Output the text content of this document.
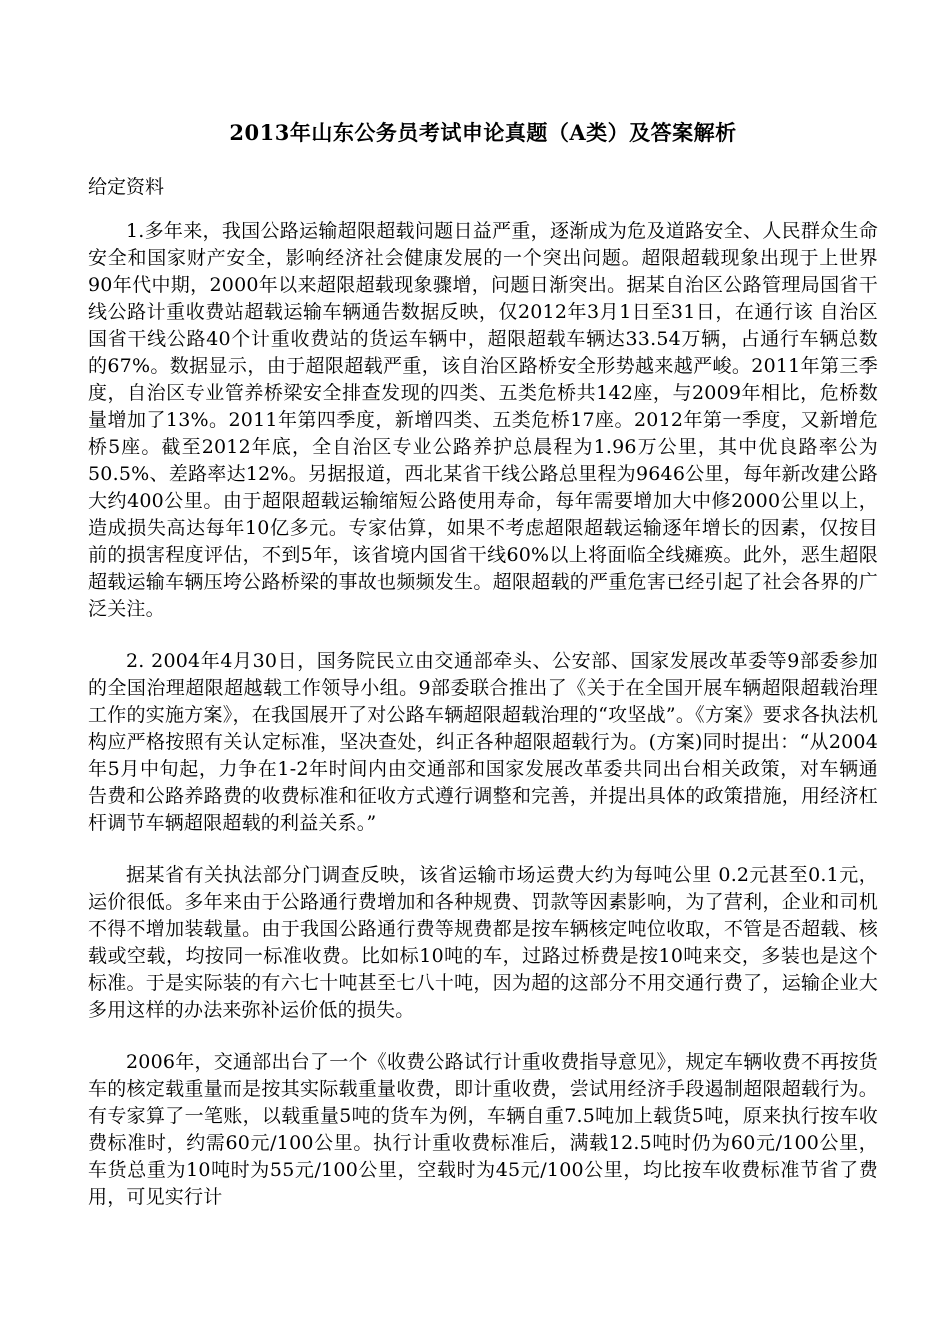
2013年山东公务员考试申论真题（A类）及答案解析
给定资料

1.多年来，我国公路运输超限超载问题日益严重，逐渐成为危及道路安全、人民群众生命安全和国家财产安全，影响经济社会健康发展的一个突出问题。超限超载现象出现于上世界90年代中期，2000年以来超限超载现象骤增，问题日渐突出。据某自治区公路管理局国省干线公路计重收费站超载运输车辆通告数据反映，仅2012年3月1日至31日，在通行该 自治区国省干线公路40个计重收费站的货运车辆中，超限超载车辆达33.54万辆，占通行车辆总数的67%。数据显示，由于超限超载严重，该自治区路桥安全形势越来越严峻。2011年第三季度，自治区专业管养桥梁安全排查发现的四类、五类危桥共142座，与2009年相比，危桥数量增加了13%。2011年第四季度，新增四类、五类危桥17座。2012年第一季度，又新增危桥5座。截至2012年底，全自治区专业公路养护总晨程为1.96万公里，其中优良路率公为50.5%、差路率达12%。另据报道，西北某省干线公路总里程为9646公里，每年新改建公路大约400公里。由于超限超载运输缩短公路使用寿命，每年需要增加大中修2000公里以上，造成损失高达每年10亿多元。专家估算，如果不考虑超限超载运输逐年增长的因素，仅按目前的损害程度评估，不到5年，该省境内国省干线60%以上将面临全线瘫痪。此外，恶生超限超载运输车辆压垮公路桥梁的事故也频频发生。超限超载的严重危害已经引起了社会各界的广泛关注。

2. 2004年4月30日，国务院民立由交通部牵头、公安部、国家发展改革委等9部委参加的全国治理超限超越载工作领导小组。9部委联合推出了《关于在全国开展车辆超限超载治理工作的实施方案》，在我国展开了对公路车辆超限超载治理的“攻坚战”。《方案》要求各执法机构应严格按照有关认定标准，坚决查处，纠正各种超限超载行为。(方案)同时提出：“从2004年5月中旬起，力争在1-2年时间内由交通部和国家发展改革委共同出台相关政策，对车辆通告费和公路养路费的收费标准和征收方式遵行调整和完善，并提出具体的政策措施，用经济杠杆调节车辆超限超载的利益关系。”

据某省有关执法部分门调查反映，该省运输市场运费大约为每吨公里 0.2元甚至0.1元，运价很低。多年来由于公路通行费增加和各种规费、罚款等因素影响，为了营利，企业和司机不得不增加装载量。由于我国公路通行费等规费都是按车辆核定吨位收取，不管是否超载、核载或空载，均按同一标准收费。比如标10吨的车，过路过桥费是按10吨来交，多装也是这个标准。于是实际装的有六七十吨甚至七八十吨，因为超的这部分不用交通行费了，运输企业大多用这样的办法来弥补运价低的损失。

2006年，交通部出台了一个《收费公路试行计重收费指导意见》，规定车辆收费不再按货车的核定载重量而是按其实际载重量收费，即计重收费，尝试用经济手段遏制超限超载行为。有专家算了一笔账，以载重量5吨的货车为例，车辆自重7.5吨加上载货5吨，原来执行按车收费标准时，约需60元/100公里。执行计重收费标准后，满载12.5吨时仍为60元/100公里，车货总重为10吨时为55元/100公里，空载时为45元/100公里，均比按车收费标准节省了费用，可见实行计
